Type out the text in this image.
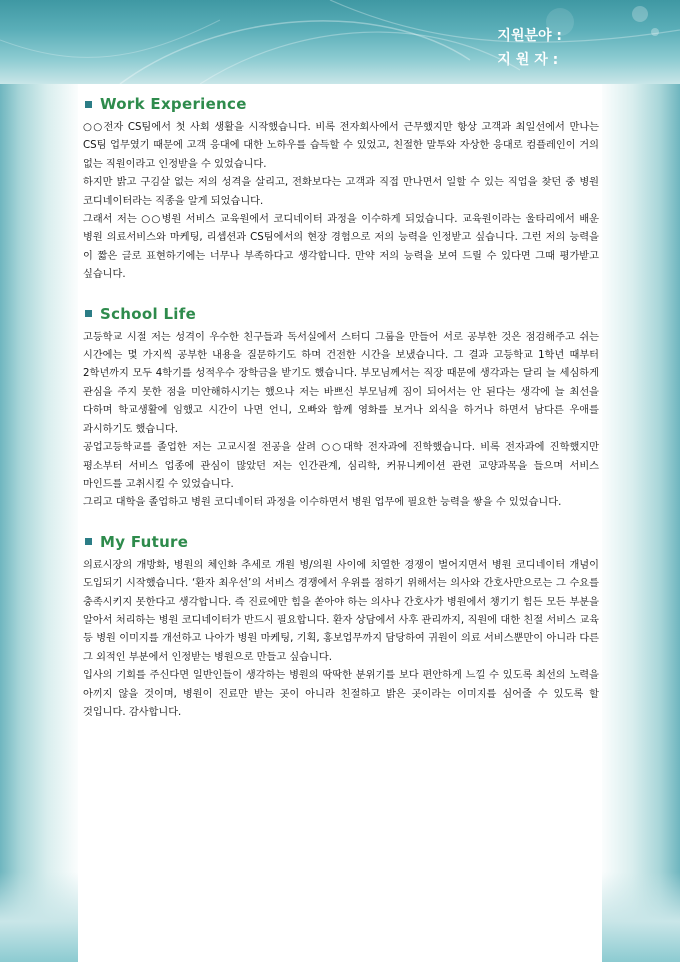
지원분야 :
지 원 자 :
Work Experience

○○전자 CS팀에서 첫 사회 생활을 시작했습니다. 비록 전자회사에서 근무했지만 항상 고객과 최일선에서 만나는 CS팀 업무였기 때문에 고객 응대에 대한 노하우를 습득할 수 있었고, 친절한 말투와 자상한 응대로 컴플레인이 거의 없는 직원이라고 인정받을 수 있었습니다.

하지만 밝고 구김살 없는 저의 성격을 살리고, 전화보다는 고객과 직접 만나면서 일할 수 있는 직업을 찾던 중 병원 코디네이터라는 직종을 알게 되었습니다.

그래서 저는 ○○병원 서비스 교육원에서 코디네이터 과정을 이수하게 되었습니다. 교육원이라는 울타리에서 배운 병원 의료서비스와 마케팅, 리셉션과 CS팀에서의 현장 경험으로 저의 능력을 인정받고 싶습니다. 그런 저의 능력을 이 짧은 글로 표현하기에는 너무나 부족하다고 생각합니다. 만약 저의 능력을 보여 드릴 수 있다면 그때 평가받고 싶습니다.

School Life

고등학교 시절 저는 성격이 우수한 친구들과 독서실에서 스터디 그룹을 만들어 서로 공부한 것은 점검해주고 쉬는 시간에는 몇 가지씩 공부한 내용을 질문하기도 하며 건전한 시간을 보냈습니다. 그 결과 고등학교 1학년 때부터 2학년까지 모두 4학기를 성적우수 장학금을 받기도 했습니다. 부모님께서는 직장 때문에 생각과는 달리 늘 세심하게 관심을 주지 못한 점을 미안해하시기는 했으나 저는 바쁘신 부모님께 짐이 되어서는 안 된다는 생각에 늘 최선을 다하며 학교생활에 임했고 시간이 나면 언니, 오빠와 함께 영화를 보거나 외식을 하거나 하면서 남다른 우애를 과시하기도 했습니다.

공업고등학교를 졸업한 저는 고교시절 전공을 살려 ○○대학 전자과에 진학했습니다. 비록 전자과에 진학했지만 평소부터 서비스 업종에 관심이 많았던 저는 인간관계, 심리학, 커뮤니케이션 관련 교양과목을 들으며 서비스 마인드를 고취시킬 수 있었습니다.

그리고 대학을 졸업하고 병원 코디네이터 과정을 이수하면서 병원 업무에 필요한 능력을 쌓을 수 있었습니다.

My Future

의료시장의 개방화, 병원의 체인화 추세로 개원 병/의원 사이에 치열한 경쟁이 벌어지면서 병원 코디네이터 개념이 도입되기 시작했습니다. ‘환자 최우선’의 서비스 경쟁에서 우위를 점하기 위해서는 의사와 간호사만으로는 그 수요를 충족시키지 못한다고 생각합니다. 즉 진료에만 힘을 쏟아야 하는 의사나 간호사가 병원에서 챙기기 힘든 모든 부분을 알아서 처리하는 병원 코디네이터가 반드시 필요합니다. 환자 상담에서 사후 관리까지, 직원에 대한 친절 서비스 교육 등 병원 이미지를 개선하고 나아가 병원 마케팅, 기획, 홍보업무까지 담당하여 귀원이 의료 서비스뿐만이 아니라 다른 그 외적인 부분에서 인정받는 병원으로 만들고 싶습니다.

입사의 기회를 주신다면 일반인들이 생각하는 병원의 딱딱한 분위기를 보다 편안하게 느낄 수 있도록 최선의 노력을 아끼지 않을 것이며, 병원이 진료만 받는 곳이 아니라 친절하고 밝은 곳이라는 이미지를 심어줄 수 있도록 할 것입니다. 감사합니다.
